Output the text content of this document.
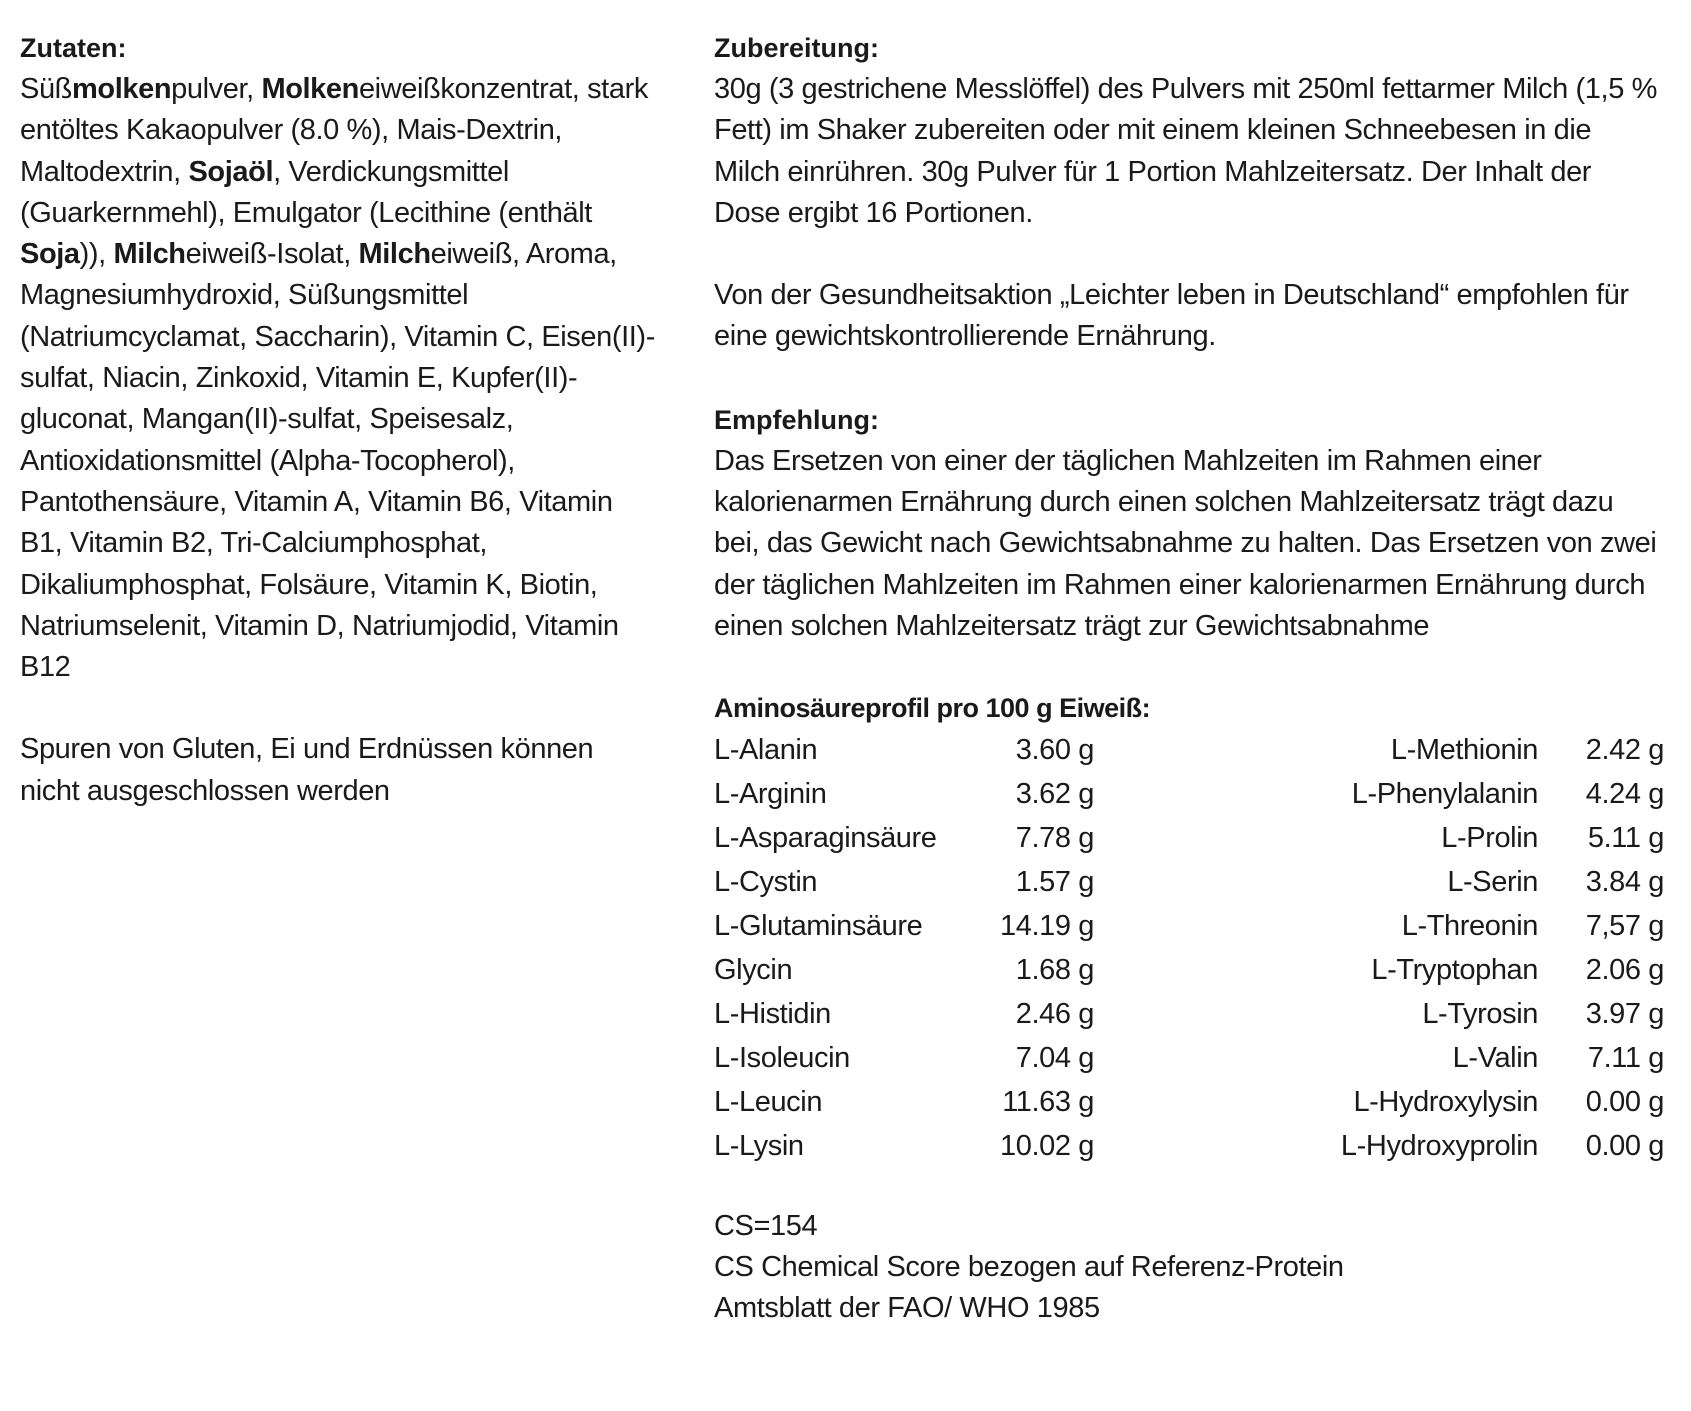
Zutaten:

Süßmolkenpulver, Molkeneiweißkonzentrat, stark entöltes Kakaopulver (8.0 %), Mais-Dextrin, Maltodextrin, Sojaöl, Verdickungsmittel (Guarkernmehl), Emulgator (Lecithine (enthält Soja)), Milcheiweiß-Isolat, Milcheiweiß, Aroma, Magnesiumhydroxid, Süßungsmittel (Natriumcyclamat, Saccharin), Vitamin C, Eisen(II)-sulfat, Niacin, Zinkoxid, Vitamin E, Kupfer(II)-gluconat, Mangan(II)-sulfat, Speisesalz, Antioxidationsmittel (Alpha-Tocopherol), Pantothensäure, Vitamin A, Vitamin B6, Vitamin B1, Vitamin B2, Tri-Calciumphosphat, Dikaliumphosphat, Folsäure, Vitamin K, Biotin, Natriumselenit, Vitamin D, Natriumjodid, Vitamin B12

Spuren von Gluten, Ei und Erdnüssen können nicht ausgeschlossen werden

Zubereitung:

30g (3 gestrichene Messlöffel) des Pulvers mit 250ml fettarmer Milch (1,5 % Fett) im Shaker zubereiten oder mit einem kleinen Schneebesen in die Milch einrühren. 30g Pulver für 1 Portion Mahlzeitersatz. Der Inhalt der Dose ergibt 16 Portionen.

Von der Gesundheitsaktion „Leichter leben in Deutschland“ empfohlen für eine gewichtskontrollierende Ernährung.

Empfehlung:

Das Ersetzen von einer der täglichen Mahlzeiten im Rahmen einer kalorienarmen Ernährung durch einen solchen Mahlzeitersatz trägt dazu bei, das Gewicht nach Gewichtsabnahme zu halten. Das Ersetzen von zwei der täglichen Mahlzeiten im Rahmen einer kalorienarmen Ernährung durch einen solchen Mahlzeitersatz trägt zur Gewichtsabnahme

Aminosäureprofil pro 100 g Eiweiß:
L-Alanin	3.60 g		L-Methionin	2.42 g
L-Arginin	3.62 g		L-Phenylalanin	4.24 g
L-Asparaginsäure	7.78 g		L-Prolin	5.11 g
L-Cystin	1.57 g		L-Serin	3.84 g
L-Glutaminsäure	14.19 g		L-Threonin	7,57 g
Glycin	1.68 g		L-Tryptophan	2.06 g
L-Histidin	2.46 g		L-Tyrosin	3.97 g
L-Isoleucin	7.04 g		L-Valin	7.11 g
L-Leucin	11.63 g		L-Hydroxylysin	0.00 g
L-Lysin	10.02 g		L-Hydroxyprolin	0.00 g
CS=154
CS Chemical Score bezogen auf Referenz-Protein
Amtsblatt der FAO/ WHO 1985
